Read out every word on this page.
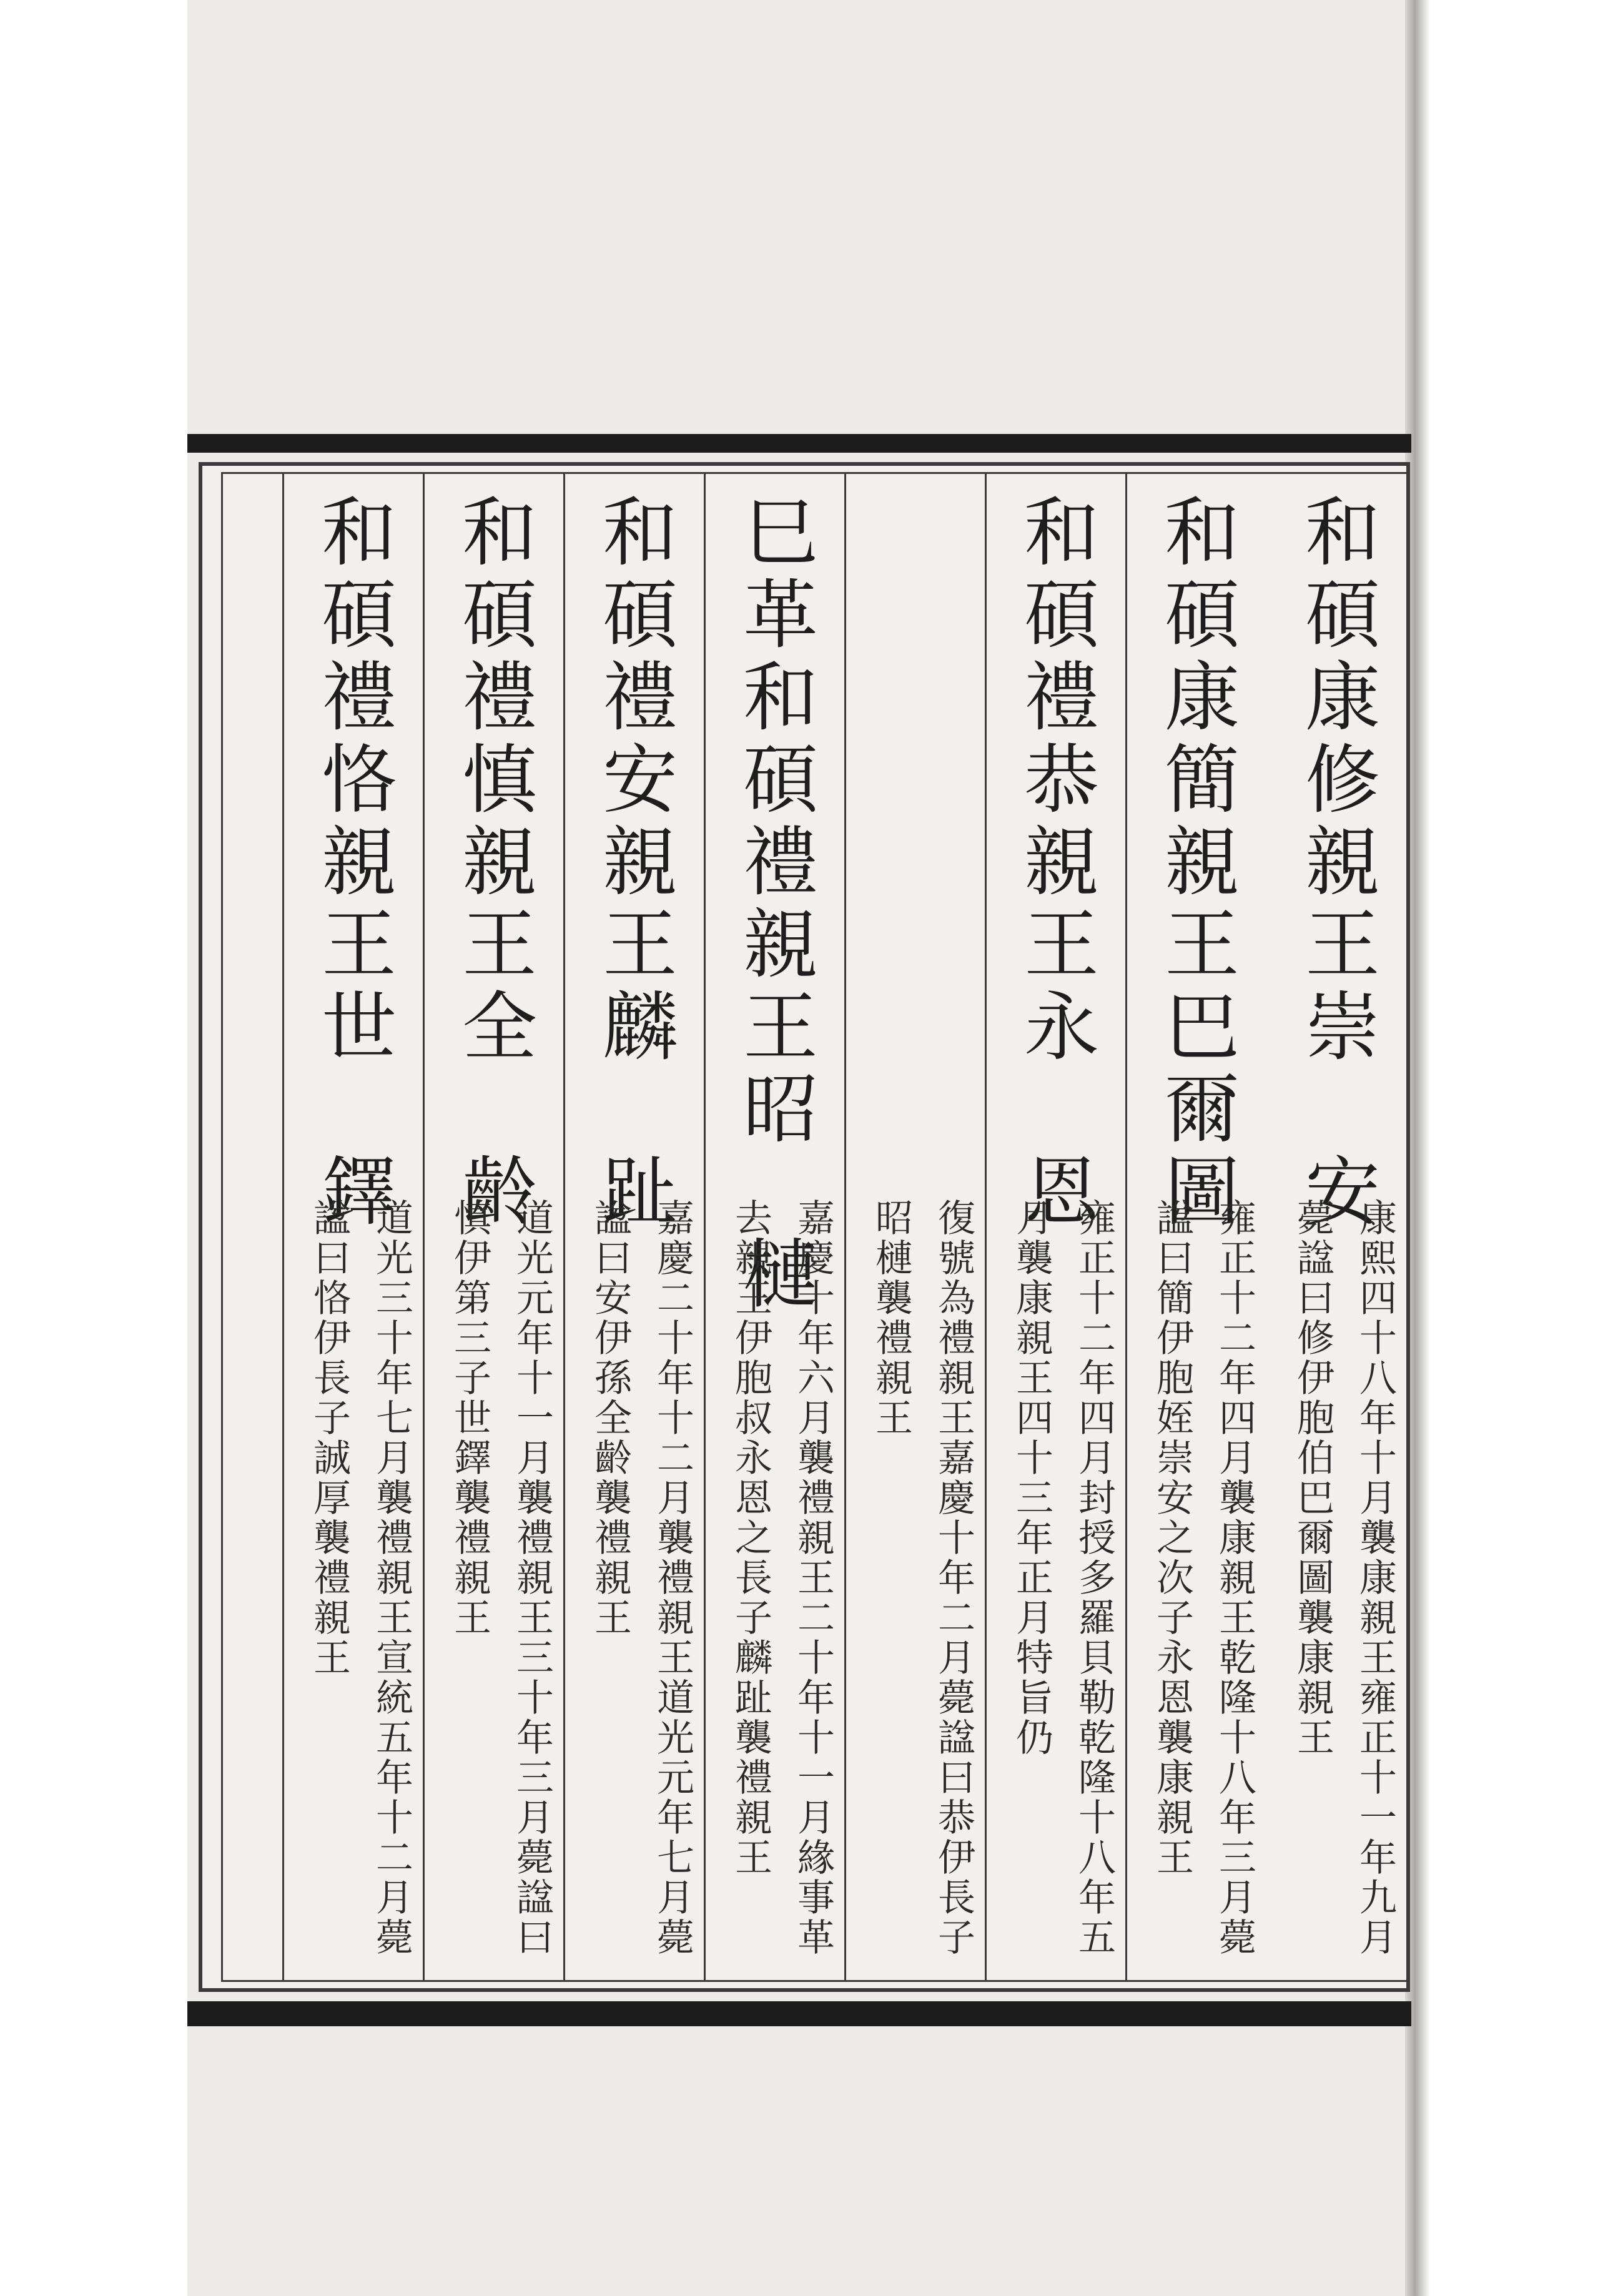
和碩康修親王崇　安
康熙四十八年十月襲康親王雍正十一年九月薨諡曰修伊胞伯巴爾圖襲康親王
和碩康簡親王巴爾圖
雍正十二年四月襲康親王乾隆十八年三月薨諡曰簡伊胞姪崇安之次子永恩襲康親王
和碩禮恭親王永　恩
雍正十二年四月封授多羅貝勒乾隆十八年五月襲康親王四十三年正月特旨仍
復號為禮親王嘉慶十年二月薨諡曰恭伊長子昭槤襲禮親王
巳革和碩禮親王昭　槤
嘉慶十年六月襲禮親王二十年十一月緣事革去親王伊胞叔永恩之長子麟趾襲禮親王
和碩禮安親王麟　趾
嘉慶二十年十二月襲禮親王道光元年七月薨諡曰安伊孫全齡襲禮親王
和碩禮慎親王全　齡
道光元年十一月襲禮親王三十年三月薨諡曰慎伊第三子世鐸襲禮親王
和碩禮恪親王世　鐸
道光三十年七月襲禮親王宣統五年十二月薨諡曰恪伊長子誠厚襲禮親王
